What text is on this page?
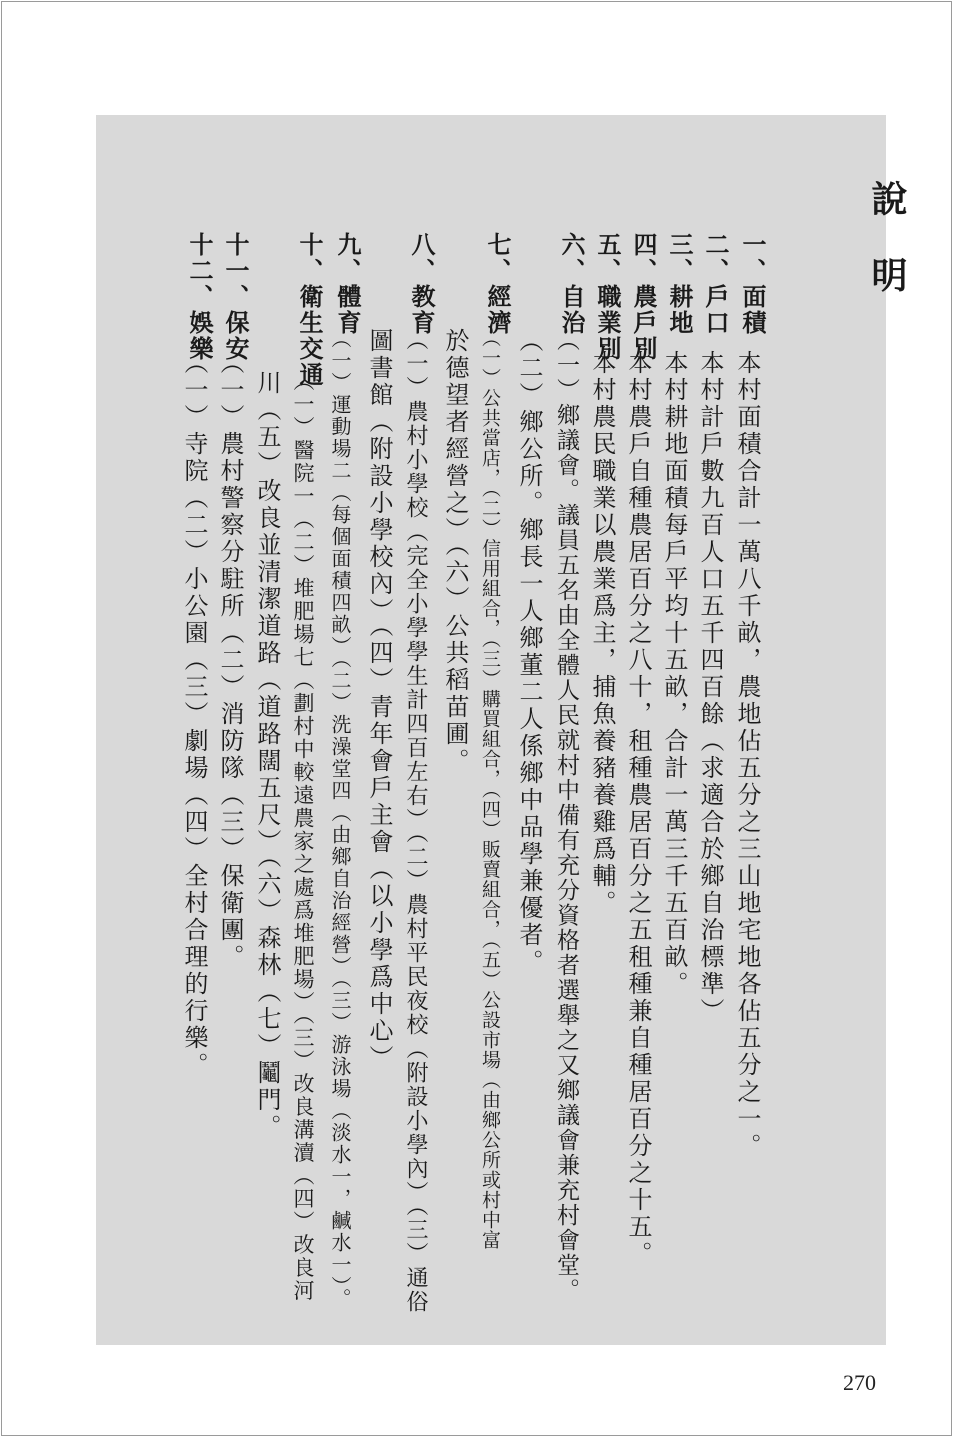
說 明
一、面積
二、戶口
三、耕地
四、農戶別
五、職業別
六、自治
七、經濟
八、教育
九、體育
十、衛生交通
十一、保安
十二、娛樂
本村面積合計一萬八千畝，農地佔五分之三山地宅地各佔五分之一。
本村計戶數九百人口五千四百餘（求適合於鄉自治標準）
本村耕地面積每戶平均十五畝，合計一萬三千五百畝。
本村農戶自種農居百分之八十，租種農居百分之五租種兼自種居百分之十五。
本村農民職業以農業爲主，捕魚養豬養雞爲輔。
（一）鄉議會。議員五名由全體人民就村中備有充分資格者選舉之又鄉議會兼充村會堂。
（二）鄉公所。鄉長一人鄉董二人係鄉中品學兼優者。
（一）公共當店，（二）信用組合，（三）購買組合，（四）販賣組合，（五）公設市場（由鄉公所或村中富
於德望者經營之）（六）公共稻苗圃。
（一）農村小學校（完全小學學生計四百左右）（二）農村平民夜校（附設小學內）（三）通俗
圖書館（附設小學校內）（四）青年會戶主會（以小學爲中心）
（一）運動場二（每個面積四畝）（二）洗澡堂四（由鄉自治經營）（三）游泳場（淡水一，鹹水一）。
（一）醫院一（二）堆肥場七（劃村中較遠農家之處爲堆肥場）（三）改良溝瀆（四）改良河
川（五）改良並清潔道路（道路闊五尺）（六）森林（七）鬮門。
（一）農村警察分駐所（二）消防隊（三）保衛團。
（一）寺院（二）小公園（三）劇場（四）全村合理的行樂。
270
